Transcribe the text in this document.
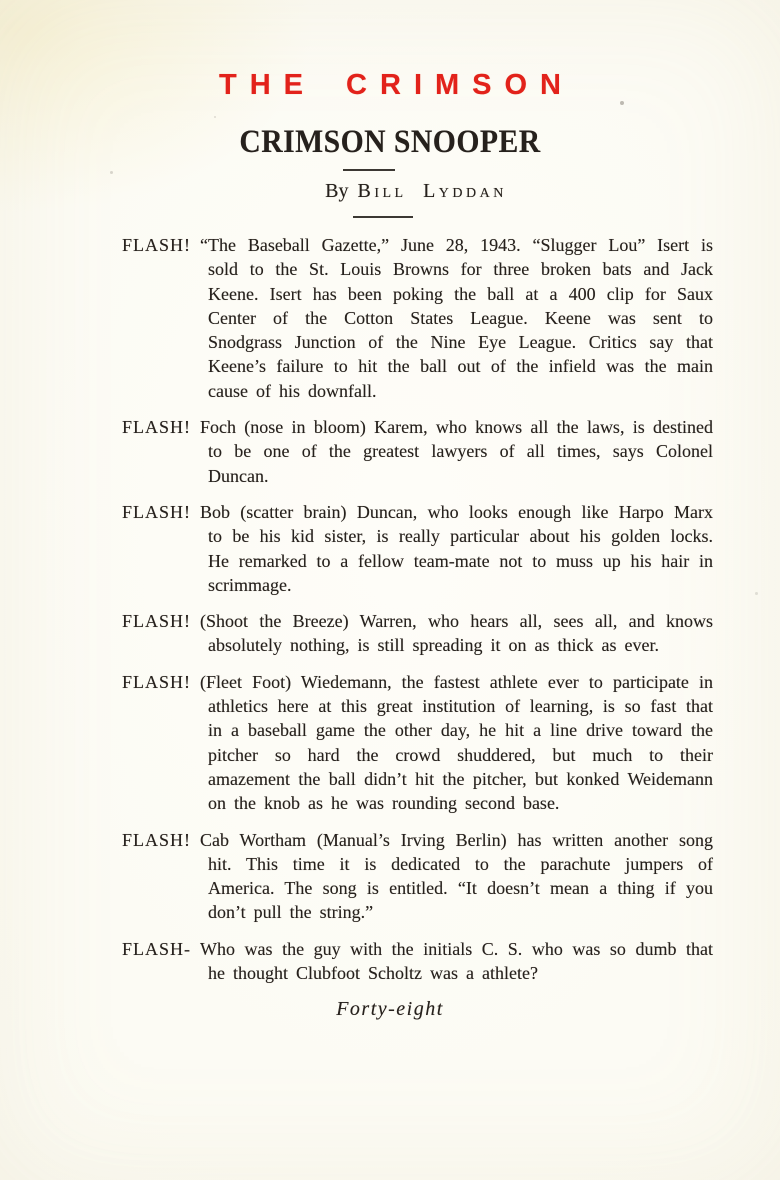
THE CRIMSON
CRIMSON SNOOPER
By Bill Lyddan
FLASH! “The Baseball Gazette,” June 28, 1943. “Slugger Lou” Isert is sold to the St. Louis Browns for three broken bats and Jack Keene. Isert has been poking the ball at a 400 clip for Saux Center of the Cotton States League. Keene was sent to Snodgrass Junction of the Nine Eye League. Critics say that Keene’s failure to hit the ball out of the infield was the main cause of his downfall.
FLASH! Foch (nose in bloom) Karem, who knows all the laws, is destined to be one of the greatest lawyers of all times, says Colonel Duncan.
FLASH! Bob (scatter brain) Duncan, who looks enough like Harpo Marx to be his kid sister, is really particular about his golden locks. He remarked to a fellow team-mate not to muss up his hair in scrimmage.
FLASH! (Shoot the Breeze) Warren, who hears all, sees all, and knows absolutely nothing, is still spreading it on as thick as ever.
FLASH! (Fleet Foot) Wiedemann, the fastest athlete ever to participate in athletics here at this great institution of learning, is so fast that in a baseball game the other day, he hit a line drive toward the pitcher so hard the crowd shuddered, but much to their amazement the ball didn’t hit the pitcher, but konked Weidemann on the knob as he was rounding second base.
FLASH! Cab Wortham (Manual’s Irving Berlin) has written another song hit. This time it is dedicated to the parachute jumpers of America. The song is entitled. “It doesn’t mean a thing if you don’t pull the string.”
FLASH- Who was the guy with the initials C. S. who was so dumb that he thought Clubfoot Scholtz was a athlete?
Forty-eight
